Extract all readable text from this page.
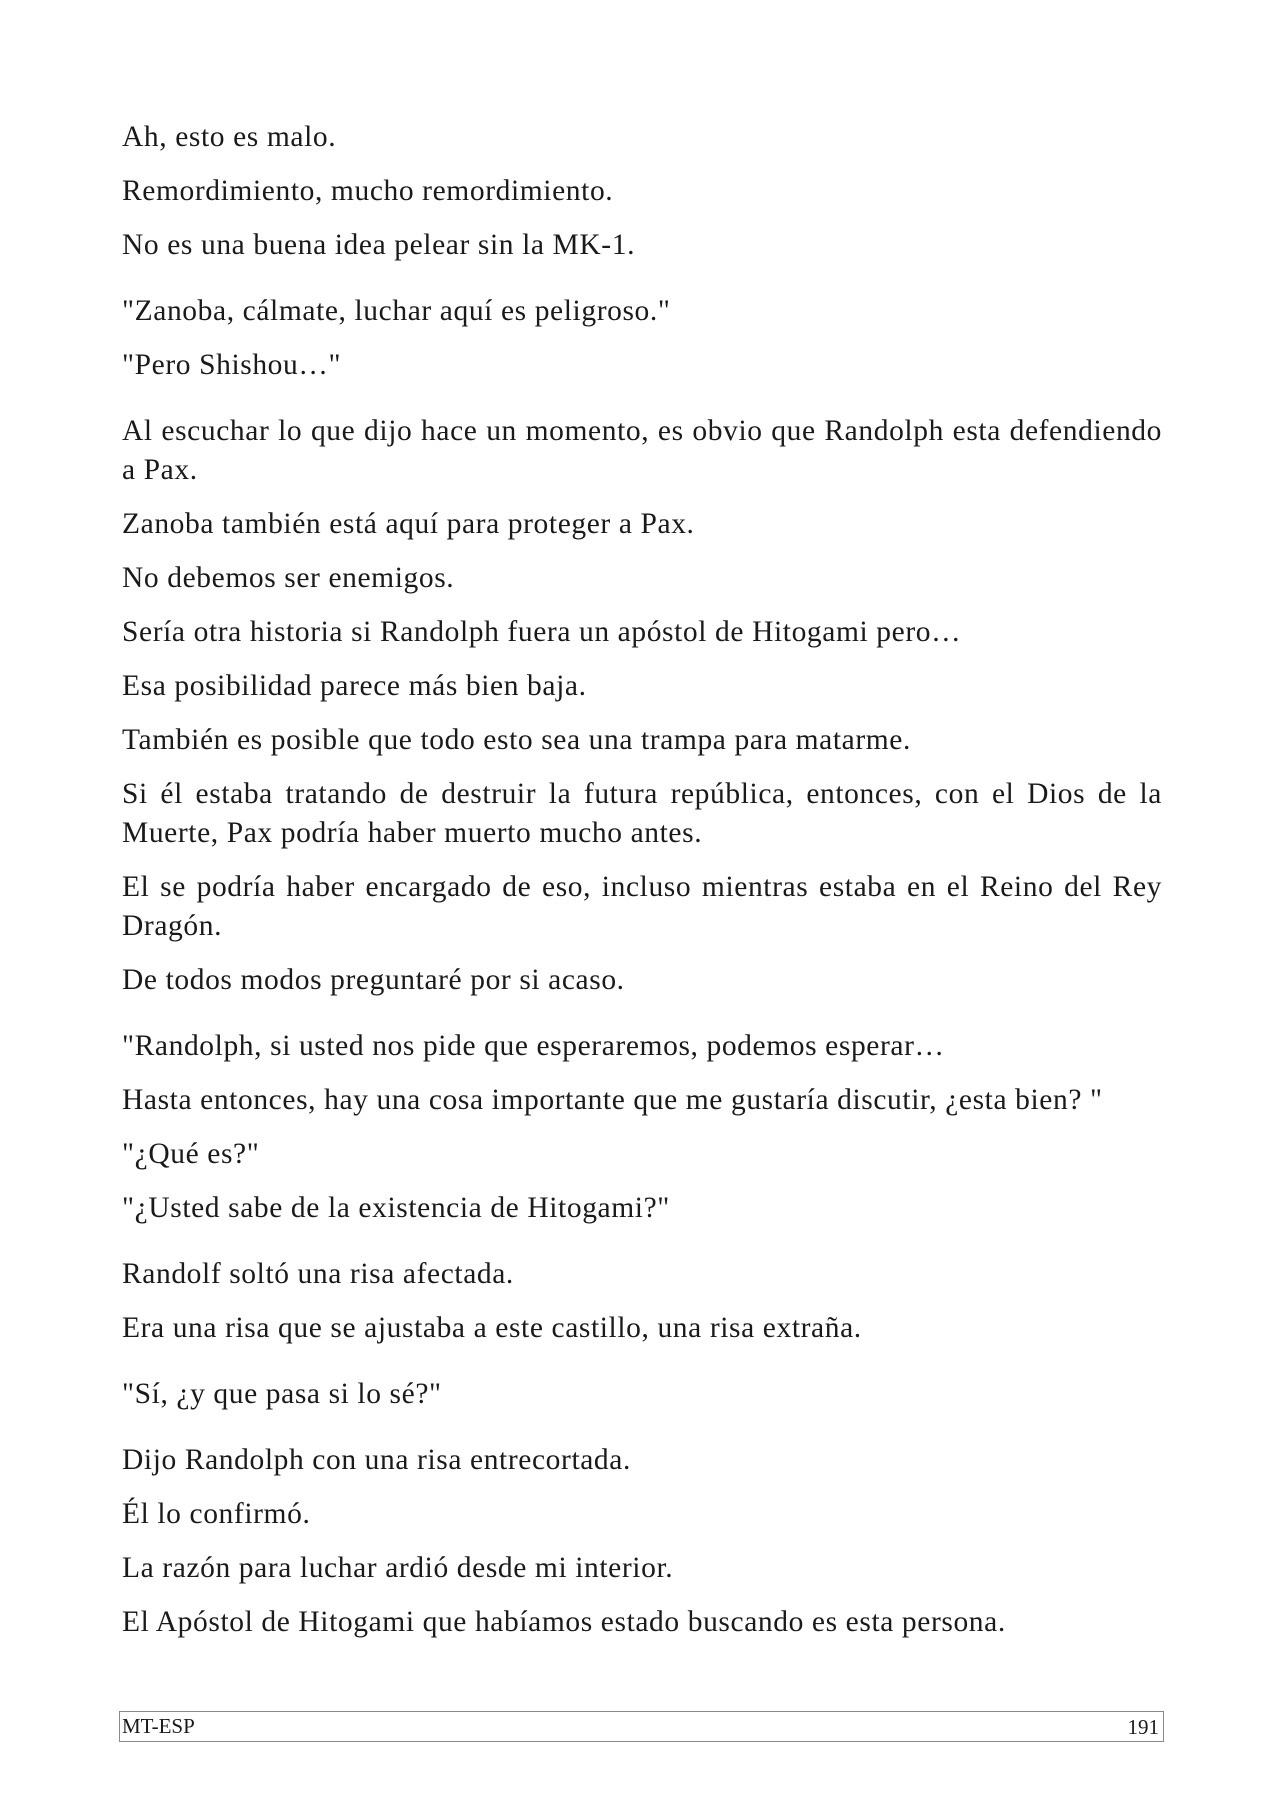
Ah, esto es malo.

Remordimiento, mucho remordimiento.

No es una buena idea pelear sin la MK-1.

"Zanoba, cálmate, luchar aquí es peligroso."

"Pero Shishou…"

Al escuchar lo que dijo hace un momento, es obvio que Randolph esta defendiendo a Pax.

Zanoba también está aquí para proteger a Pax.

No debemos ser enemigos.

Sería otra historia si Randolph fuera un apóstol de Hitogami pero…

Esa posibilidad parece más bien baja.

También es posible que todo esto sea una trampa para matarme.

Si él estaba tratando de destruir la futura república, entonces, con el Dios de la Muerte, Pax podría haber muerto mucho antes.

El se podría haber encargado de eso, incluso mientras estaba en el Reino del Rey Dragón.

De todos modos preguntaré por si acaso.

"Randolph, si usted nos pide que esperaremos, podemos esperar…

Hasta entonces, hay una cosa importante que me gustaría discutir, ¿esta bien? "

"¿Qué es?"

"¿Usted sabe de la existencia de Hitogami?"

Randolf soltó una risa afectada.

Era una risa que se ajustaba a este castillo, una risa extraña.

"Sí, ¿y que pasa si lo sé?"

Dijo Randolph con una risa entrecortada.

Él lo confirmó.

La razón para luchar ardió desde mi interior.

El Apóstol de Hitogami que habíamos estado buscando es esta persona.

MT-ESP	191
